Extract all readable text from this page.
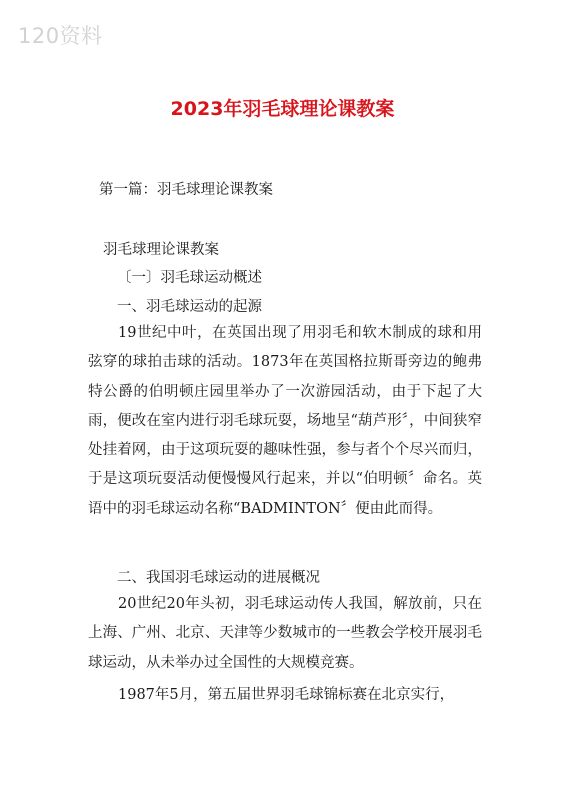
120资料
2023年羽毛球理论课教案

第一篇：羽毛球理论课教案

羽毛球理论课教案

〔一〕羽毛球运动概述

一、羽毛球运动的起源

19世纪中叶，在英国出现了用羽毛和软木制成的球和用弦穿的球拍击球的活动。1873年在英国格拉斯哥旁边的鲍弗特公爵的伯明顿庄园里举办了一次游园活动，由于下起了大雨，便改在室内进行羽毛球玩耍，场地呈“葫芦形〞，中间狭窄处挂着网，由于这项玩耍的趣味性强，参与者个个尽兴而归，于是这项玩耍活动便慢慢风行起来，并以“伯明顿〞命名。英语中的羽毛球运动名称“BADMINTON〞便由此而得。

二、我国羽毛球运动的进展概况

20世纪20年头初，羽毛球运动传人我国，解放前，只在上海、广州、北京、天津等少数城市的一些教会学校开展羽毛球运动，从未举办过全国性的大规模竞赛。

1987年5月，第五届世界羽毛球锦标赛在北京实行，
